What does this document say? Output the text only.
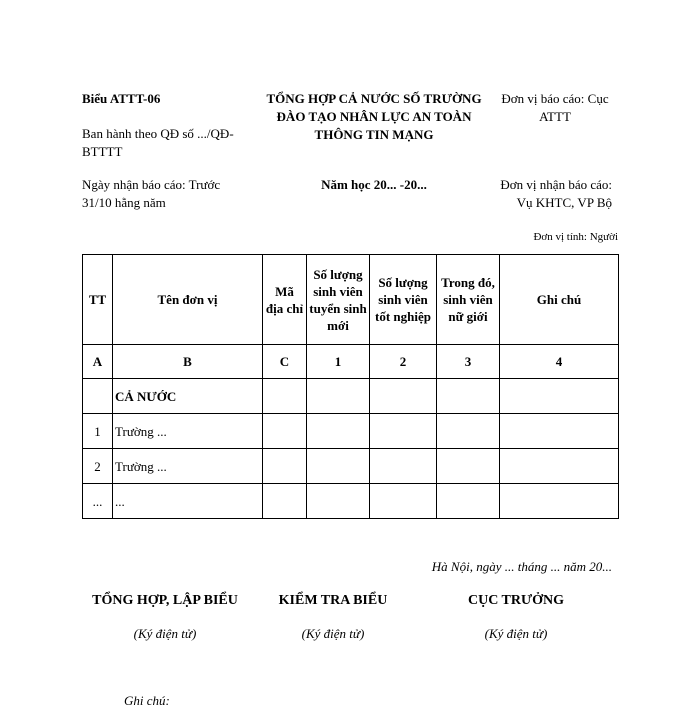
Biểu ATTT-06
Ban hành theo QĐ số .../QĐ-BTTTT
Ngày nhận báo cáo: Trước 31/10 hằng năm
TỔNG HỢP CẢ NƯỚC SỐ TRƯỜNG
ĐÀO TẠO NHÂN LỰC AN TOÀN
THÔNG TIN MẠNG
Năm học 20... -20...
Đơn vị báo cáo: Cục
ATTT
Đơn vị nhận báo cáo:
Vụ KHTC, VP Bộ
Đơn vị tính: Người
TT	Tên đơn vị	Mã địa chỉ	Số lượng sinh viên tuyển sinh mới	Số lượng sinh viên tốt nghiệp	Trong đó, sinh viên nữ giới	Ghi chú
A	B	C	1	2	3	4
	CẢ NƯỚC					
1	Trường ...					
2	Trường ...					
...	...					
Hà Nội, ngày ... tháng ... năm 20...
TỔNG HỢP, LẬP BIỂU
(Ký điện tử)
KIỂM TRA BIỂU
(Ký điện tử)
CỤC TRƯỞNG
(Ký điện tử)
Ghi chú:
